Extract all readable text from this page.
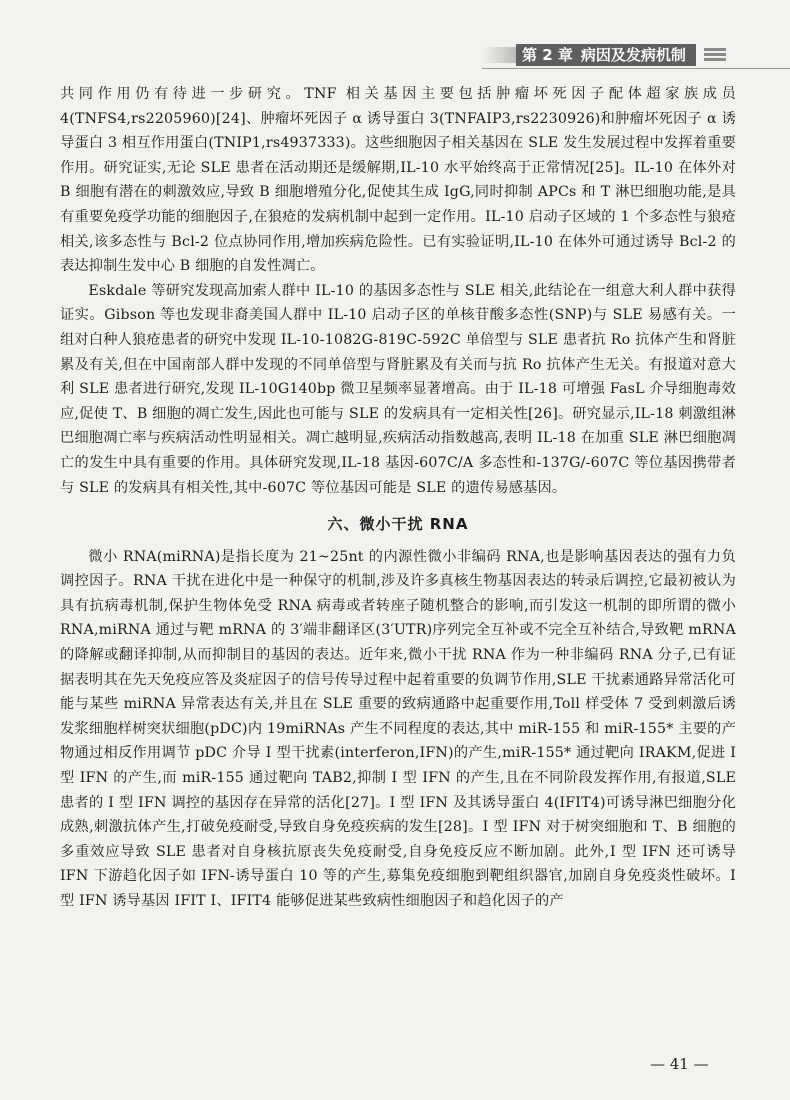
第 2 章 病因及发病机制

共同作用仍有待进一步研究。TNF 相关基因主要包括肿瘤坏死因子配体超家族成员 4(TNFS4,rs2205960)[24]、肿瘤坏死因子 α 诱导蛋白 3(TNFAIP3,rs2230926)和肿瘤坏死因子 α 诱导蛋白 3 相互作用蛋白(TNIP1,rs4937333)。这些细胞因子相关基因在 SLE 发生发展过程中发挥着重要作用。研究证实,无论 SLE 患者在活动期还是缓解期,IL-10 水平始终高于正常情况[25]。IL-10 在体外对 B 细胞有潜在的刺激效应,导致 B 细胞增殖分化,促使其生成 IgG,同时抑制 APCs 和 T 淋巴细胞功能,是具有重要免疫学功能的细胞因子,在狼疮的发病机制中起到一定作用。IL-10 启动子区域的 1 个多态性与狼疮相关,该多态性与 Bcl-2 位点协同作用,增加疾病危险性。已有实验证明,IL-10 在体外可通过诱导 Bcl-2 的表达抑制生发中心 B 细胞的自发性凋亡。

Eskdale 等研究发现高加索人群中 IL-10 的基因多态性与 SLE 相关,此结论在一组意大利人群中获得证实。Gibson 等也发现非裔美国人群中 IL-10 启动子区的单核苷酸多态性(SNP)与 SLE 易感有关。一组对白种人狼疮患者的研究中发现 IL-10-1082G-819C-592C 单倍型与 SLE 患者抗 Ro 抗体产生和肾脏累及有关,但在中国南部人群中发现的不同单倍型与肾脏累及有关而与抗 Ro 抗体产生无关。有报道对意大利 SLE 患者进行研究,发现 IL-10G140bp 微卫星频率显著增高。由于 IL-18 可增强 FasL 介导细胞毒效应,促使 T、B 细胞的凋亡发生,因此也可能与 SLE 的发病具有一定相关性[26]。研究显示,IL-18 刺激组淋巴细胞凋亡率与疾病活动性明显相关。凋亡越明显,疾病活动指数越高,表明 IL-18 在加重 SLE 淋巴细胞凋亡的发生中具有重要的作用。具体研究发现,IL-18 基因-607C/A 多态性和-137G/-607C 等位基因携带者与 SLE 的发病具有相关性,其中-607C 等位基因可能是 SLE 的遗传易感基因。

六、微小干扰 RNA

微小 RNA(miRNA)是指长度为 21~25nt 的内源性微小非编码 RNA,也是影响基因表达的强有力负调控因子。RNA 干扰在进化中是一种保守的机制,涉及许多真核生物基因表达的转录后调控,它最初被认为具有抗病毒机制,保护生物体免受 RNA 病毒或者转座子随机整合的影响,而引发这一机制的即所谓的微小 RNA,miRNA 通过与靶 mRNA 的 3′端非翻译区(3′UTR)序列完全互补或不完全互补结合,导致靶 mRNA 的降解或翻译抑制,从而抑制目的基因的表达。近年来,微小干扰 RNA 作为一种非编码 RNA 分子,已有证据表明其在先天免疫应答及炎症因子的信号传导过程中起着重要的负调节作用,SLE 干扰素通路异常活化可能与某些 miRNA 异常表达有关,并且在 SLE 重要的致病通路中起重要作用,Toll 样受体 7 受到刺激后诱发浆细胞样树突状细胞(pDC)内 19miRNAs 产生不同程度的表达,其中 miR-155 和 miR-155* 主要的产物通过相反作用调节 pDC 介导 Ⅰ 型干扰素(interferon,IFN)的产生,miR-155* 通过靶向 IRAKM,促进 Ⅰ 型 IFN 的产生,而 miR-155 通过靶向 TAB2,抑制 Ⅰ 型 IFN 的产生,且在不同阶段发挥作用,有报道,SLE 患者的 Ⅰ 型 IFN 调控的基因存在异常的活化[27]。Ⅰ 型 IFN 及其诱导蛋白 4(IFIT4)可诱导淋巴细胞分化成熟,刺激抗体产生,打破免疫耐受,导致自身免疫疾病的发生[28]。Ⅰ 型 IFN 对于树突细胞和 T、B 细胞的多重效应导致 SLE 患者对自身核抗原丧失免疫耐受,自身免疫反应不断加剧。此外,Ⅰ 型 IFN 还可诱导 IFN 下游趋化因子如 IFN-诱导蛋白 10 等的产生,募集免疫细胞到靶组织器官,加剧自身免疫炎性破坏。Ⅰ 型 IFN 诱导基因 IFIT Ⅰ、IFIT4 能够促进某些致病性细胞因子和趋化因子的产

— 41 —
